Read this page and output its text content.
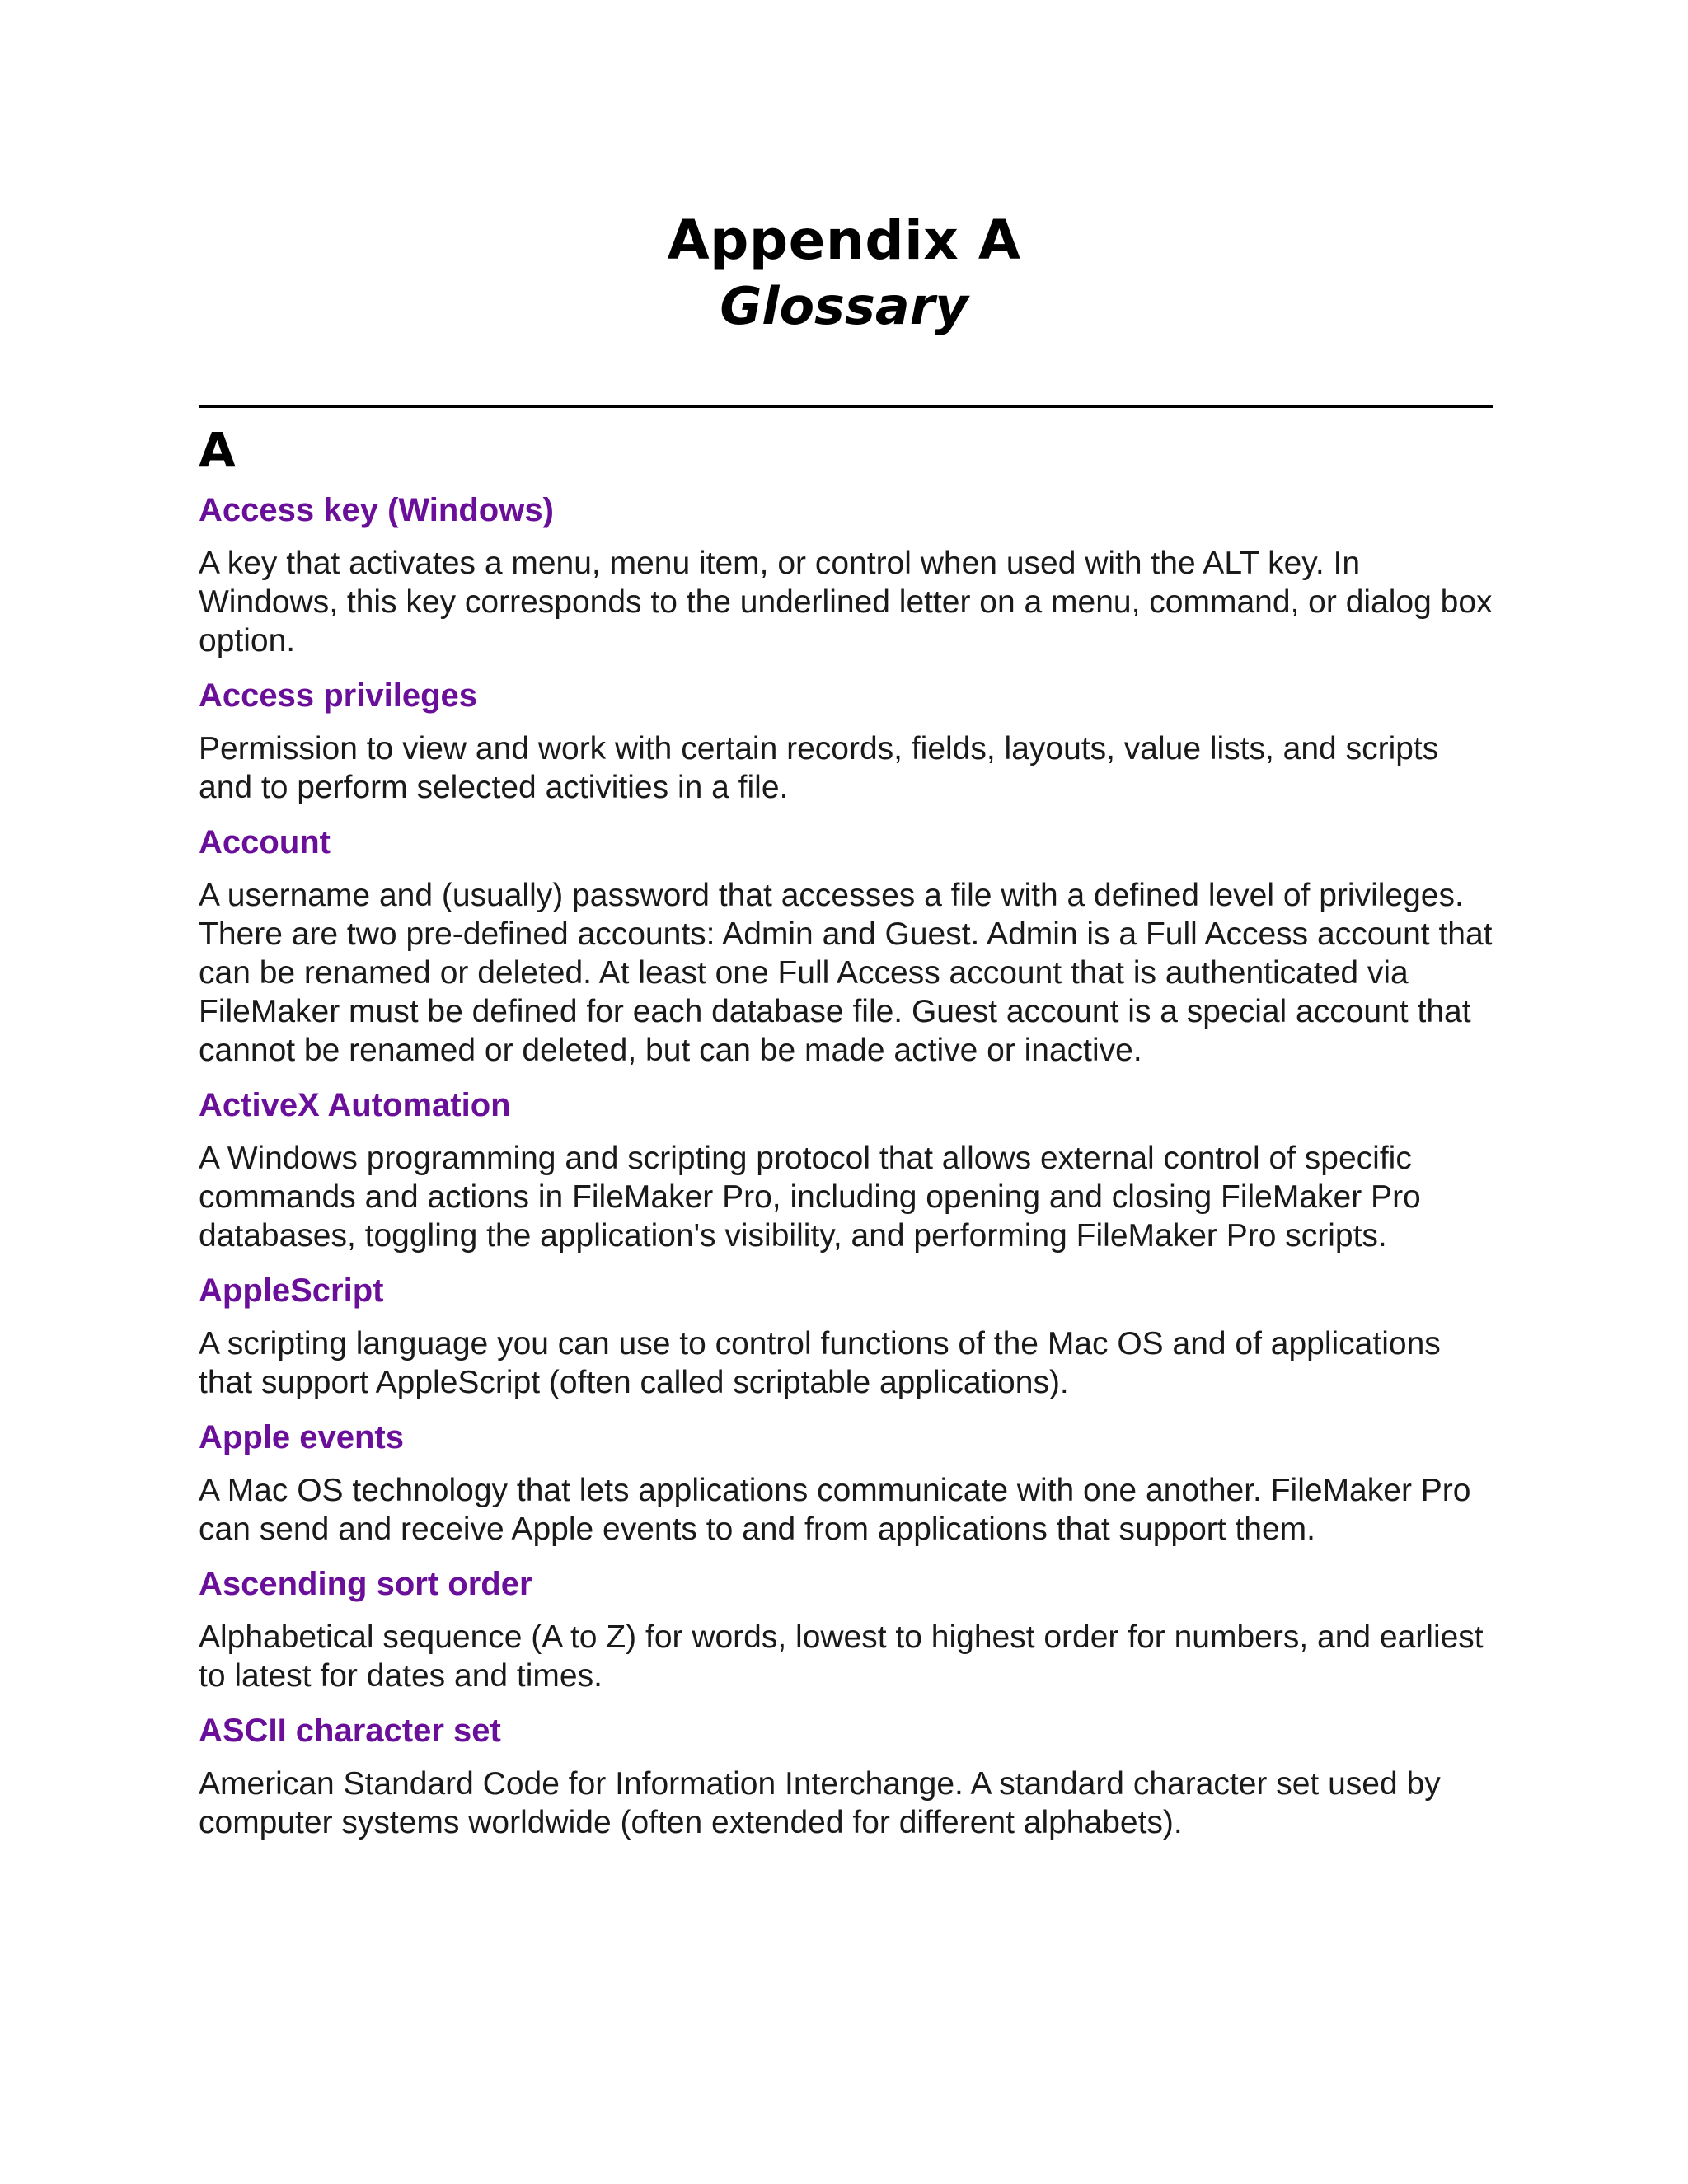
Appendix A
Glossary
A
Access key (Windows)

A key that activates a menu, menu item, or control when used with the ALT key. In Windows, this key corresponds to the underlined letter on a menu, command, or dialog box option.

Access privileges

Permission to view and work with certain records, fields, layouts, value lists, and scripts and to perform selected activities in a file.

Account

A username and (usually) password that accesses a file with a defined level of privileges. There are two pre-defined accounts: Admin and Guest. Admin is a Full Access account that can be renamed or deleted. At least one Full Access account that is authenticated via FileMaker must be defined for each database file. Guest account is a special account that cannot be renamed or deleted, but can be made active or inactive.

ActiveX Automation

A Windows programming and scripting protocol that allows external control of specific commands and actions in FileMaker Pro, including opening and closing FileMaker Pro databases, toggling the application's visibility, and performing FileMaker Pro scripts.

AppleScript

A scripting language you can use to control functions of the Mac OS and of applications that support AppleScript (often called scriptable applications).

Apple events

A Mac OS technology that lets applications communicate with one another. FileMaker Pro can send and receive Apple events to and from applications that support them.

Ascending sort order

Alphabetical sequence (A to Z) for words, lowest to highest order for numbers, and earliest to latest for dates and times.

ASCII character set

American Standard Code for Information Interchange. A standard character set used by computer systems worldwide (often extended for different alphabets).
